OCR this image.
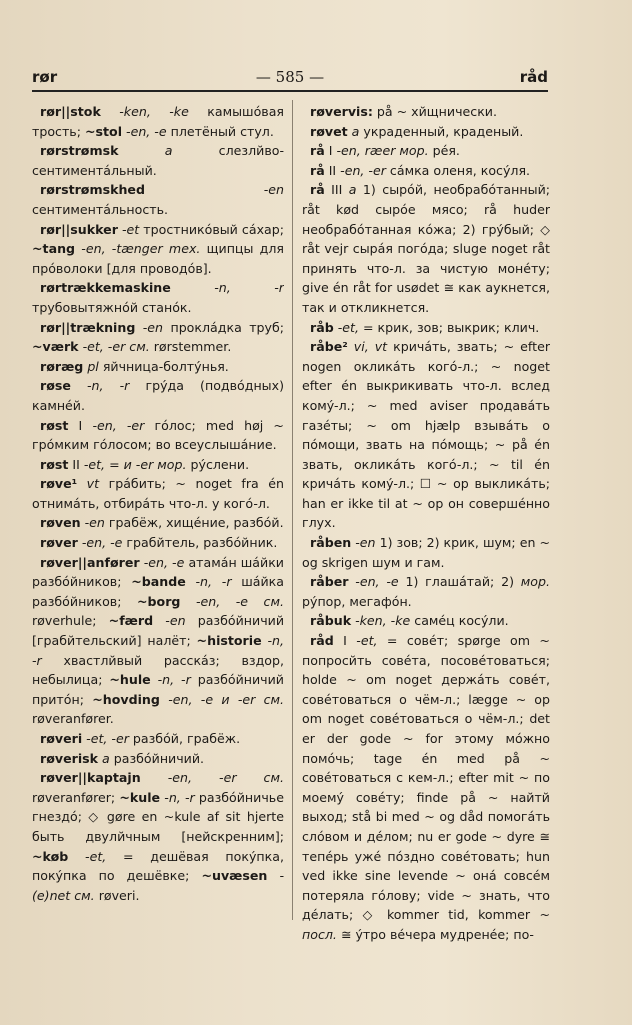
rør	— 585 —	råd

rør||stok -ken, -ke камышóвая трость; ~stol -en, -e плетёный стул.

rørstrømsk	a слезлйво-сентиментáльный.

rørstrømskhed	-en сентиментáльность.

rør||sukker -et тростникóвый сáхар; ~tang -en, -tænger mex. щипцы для прóволоки [для проводóв].

rørtrækkemaskine	-n, -r трубовытяжнóй станóк.

rør||trækning -en проклáдка труб; ~værk -et, -er см. rørstemmer.

røræg pl яйчница-болтýнья.

røse -n, -r грýда (подвóдных) камнéй.

røst I -en, -er гóлос; med høj ~ грóмким гóлосом; во всеуслышáние.

røst II -et, = и -er мор. рýслени.

røve¹ vt грáбить; ~ noget fra én отнимáть, отбирáть что-л. у когó-л.

røven -en грабёж, хищéние, разбóй.

røver -en, -e грабйтель, разбóйник.

røver||anfører -en, -e атамáн шáйки разбóйников; ~bande -n, -r шáйка разбóйников; ~borg -en, -e см. røverhule; ~færd -en разбóйничий [грабйтельский] налёт; ~historie -n, -r хвастлйвый расскáз; вздор, небылица; ~hule -n, -r разбóйничий притóн; ~hovding -en, -e и -er см. røveranfører.

røveri -et, -er разбóй, грабёж.

røverisk a разбóйничий.

røver||kaptajn -en, -er см. røveranfører; ~kule -n, -r разбóйничье гнездó; ◇ gøre en ~kule af sit hjerte быть двулйчным [нейскренним]; ~køb -et, = дешёвая покýпка, покýпка по дешёвке; ~uvæsen -(e)net см. røveri.

røvervis: på ~ хйщнически.

røvet a украденный, краденый.

rå I -en, ræer мор. рéя.

rå II -en, -er сáмка оленя, косýля.

rå III a 1) сырóй, необрабóтанный; råt kød сырóе мясо; rå huder необрабóтанная кóжа; 2) грýбый; ◇ råt vejr сырáя погóда; sluge noget råt принять что-л. за чистую монéту; give én råt for usødet ≅ как аукнется, так и откликнется.

råb -et, = крик, зов; выкрик; клич.

råbe² vi, vt кричáть, звать; ~ efter nogen окликáть когó-л.; ~ noget efter én выкрикивать что-л. вслед комý-л.; ~ med aviser продавáть газéты; ~ om hjælp взывáть о пóмощи, звать на пóмощь; ~ på én звать, окликáть когó-л.; ~ til én кричáть комý-л.; ☐ ~ op выкликáть; han er ikke til at ~ op он совершéнно глух.

råben -en 1) зов; 2) крик, шум; en ~ og skrigen шум и гам.

råber -en, -e 1) глашáтай; 2) мор. рýпор, мегафóн.

råbuk -ken, -ke самéц косýли.

råd I -et, = совéт; spørge om ~ попросйть совéта, посовéтоваться; holde ~ om noget держáть совéт, совéтоваться о чём-л.; lægge ~ op om noget совéтоваться о чём-л.; det er der gode ~ for этому мóжно помóчь; tage én med på ~ совéтоваться с кем-л.; efter mit ~ по моемý совéту; finde på ~ найтй выход; stå bi med ~ og dåd помогáть слóвом и дéлом; nu er gode ~ dyre ≅ тепéрь ужé пóздно совéтовать; hun ved ikke sine levende ~ онá совсéм потерялa гóлову; vide ~ знать, что дéлать; ◇ kommer tid, kommer ~ посл. ≅ ýтро вéчера мудренée; по-
